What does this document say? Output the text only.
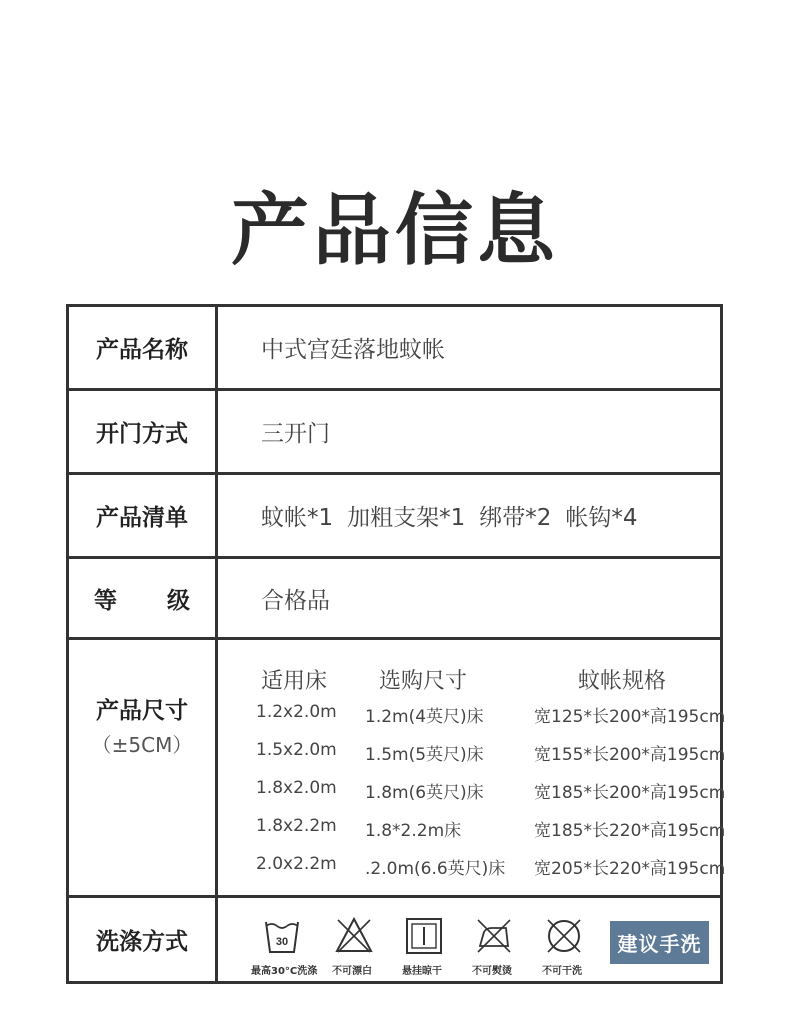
产品信息
产品名称	中式宫廷落地蚊帐
开门方式	三开门
产品清单	蚊帐*1 加粗支架*1 绑带*2 帐钩*4
等 级	合格品
产品尺寸
（±5CM）
适用床 选购尺寸	蚊帐规格
1.2x2.0m 1.2m(4英尺)床	宽125*长200*高195cm
1.5x2.0m 1.5m(5英尺)床	宽155*长200*高195cm
1.8x2.0m 1.8m(6英尺)床	宽185*长200*高195cm
1.8x2.2m 1.8*2.2m床	宽185*长220*高195cm
2.0x2.2m .2.0m(6.6英尺)床 宽205*长220*高195cm
洗涤方式	30
最高30°C洗涤 不可漂白	悬挂晾干	不可熨烫	不可干洗
建议手洗
